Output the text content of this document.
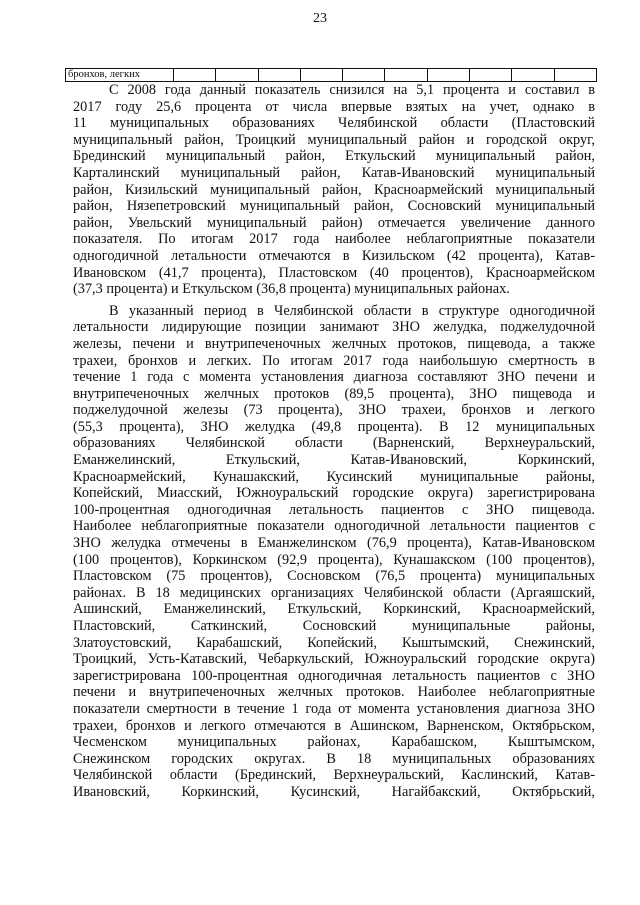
23
бронхов, легких										
С 2008 года данный показатель снизился на 5,1 процента и составил в
2017 году 25,6 процента от числа впервые взятых на учет, однако в
11 муниципальных образованиях Челябинской области (Пластовский
муниципальный район, Троицкий муниципальный район и городской округ,
Брединский муниципальный район, Еткульский муниципальный район,
Карталинский муниципальный район, Катав-Ивановский муниципальный
район, Кизильский муниципальный район, Красноармейский муниципальный
район, Нязепетровский муниципальный район, Сосновский муниципальный
район, Увельский муниципальный район) отмечается увеличение данного
показателя. По итогам 2017 года наиболее неблагоприятные показатели
одногодичной летальности отмечаются в Кизильском (42 процента), Катав-
Ивановском (41,7 процента), Пластовском (40 процентов), Красноармейском
(37,3 процента) и Еткульском (36,8 процента) муниципальных районах.
В указанный период в Челябинской области в структуре одногодичной
летальности лидирующие позиции занимают ЗНО желудка, поджелудочной
железы, печени и внутрипеченочных желчных протоков, пищевода, а также
трахеи, бронхов и легких. По итогам 2017 года наибольшую смертность в
течение 1 года с момента установления диагноза составляют ЗНО печени и
внутрипеченочных желчных протоков (89,5 процента), ЗНО пищевода и
поджелудочной железы (73 процента), ЗНО трахеи, бронхов и легкого
(55,3 процента), ЗНО желудка (49,8 процента). В 12 муниципальных
образованиях Челябинской области (Варненский, Верхнеуральский,
Еманжелинский, Еткульский, Катав-Ивановский, Коркинский,
Красноармейский, Кунашакский, Кусинский муниципальные районы,
Копейский, Миасский, Южноуральский городские округа) зарегистрирована
100-процентная одногодичная летальность пациентов с ЗНО пищевода.
Наиболее неблагоприятные показатели одногодичной летальности пациентов с
ЗНО желудка отмечены в Еманжелинском (76,9 процента), Катав-Ивановском
(100 процентов), Коркинском (92,9 процента), Кунашакском (100 процентов),
Пластовском (75 процентов), Сосновском (76,5 процента) муниципальных
районах. В 18 медицинских организациях Челябинской области (Аргаяшский,
Ашинский, Еманжелинский, Еткульский, Коркинский, Красноармейский,
Пластовский, Саткинский, Сосновский муниципальные районы,
Златоустовский, Карабашский, Копейский, Кыштымский, Снежинский,
Троицкий, Усть-Катавский, Чебаркульский, Южноуральский городские округа)
зарегистрирована 100-процентная одногодичная летальность пациентов с ЗНО
печени и внутрипеченочных желчных протоков. Наиболее неблагоприятные
показатели смертности в течение 1 года от момента установления диагноза ЗНО
трахеи, бронхов и легкого отмечаются в Ашинском, Варненском, Октябрьском,
Чесменском муниципальных районах, Карабашском, Кыштымском,
Снежинском городских округах. В 18 муниципальных образованиях
Челябинской области (Брединский, Верхнеуральский, Каслинский, Катав-
Ивановский, Коркинский, Кусинский, Нагайбакский, Октябрьский,
